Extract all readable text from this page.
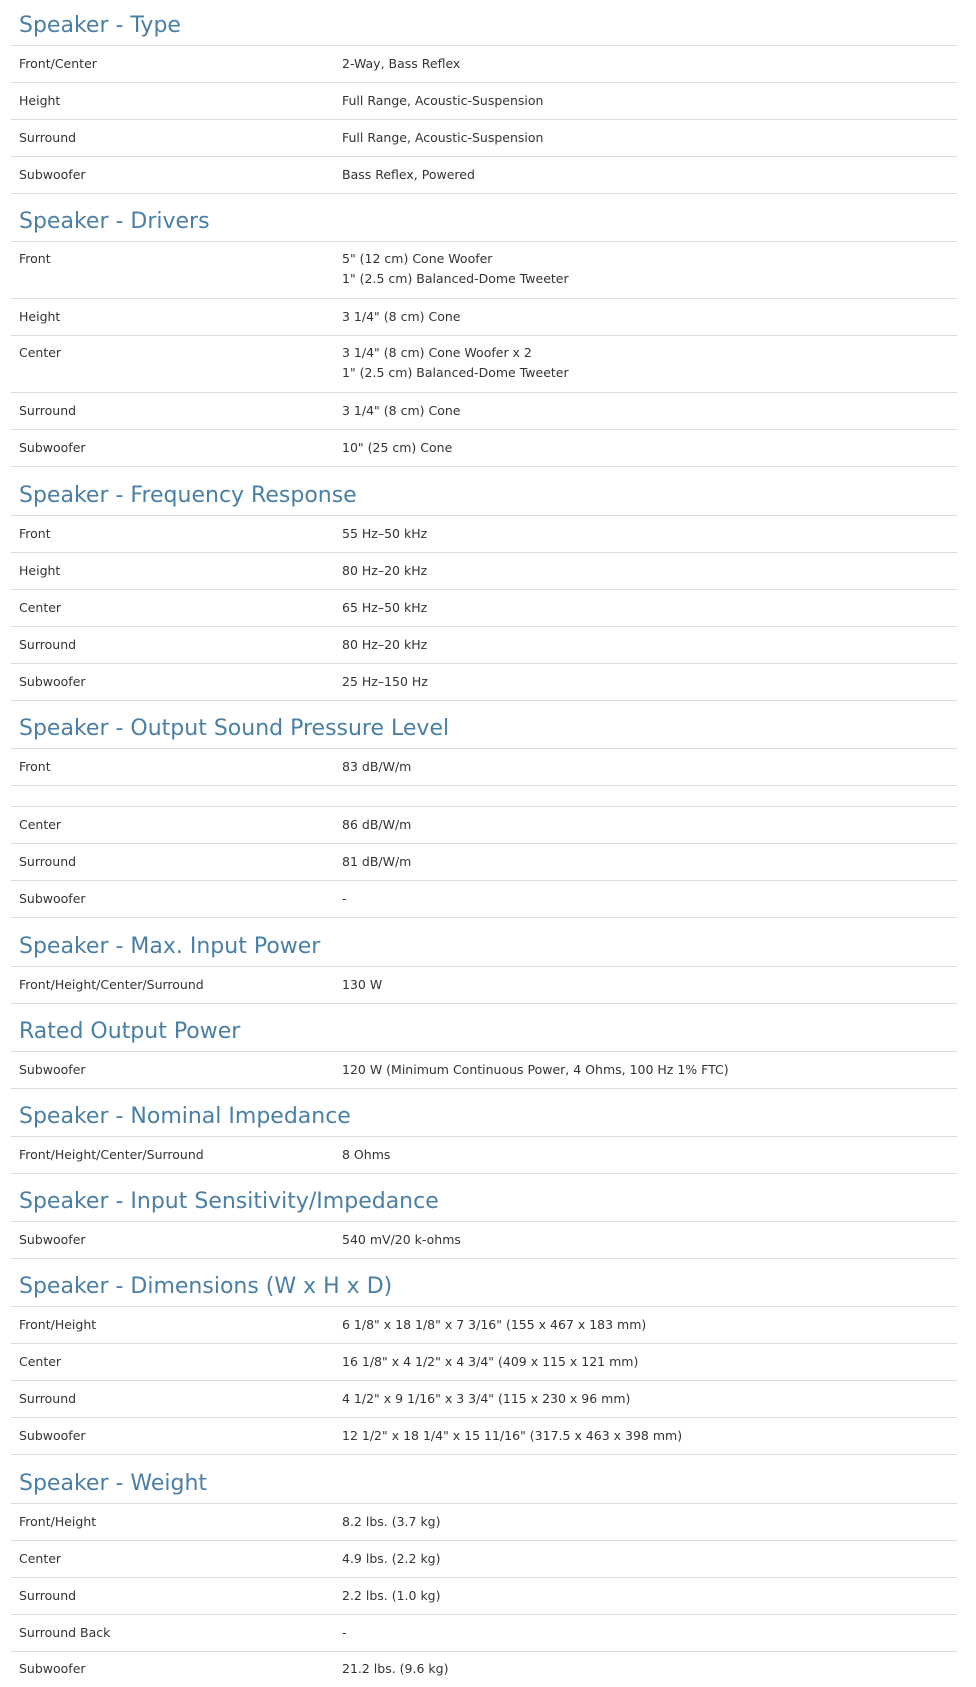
Speaker - Type
Front/Center	2-Way, Bass Reflex
Height	Full Range, Acoustic-Suspension
Surround	Full Range, Acoustic-Suspension
Subwoofer	Bass Reflex, Powered
Speaker - Drivers
Front	5" (12 cm) Cone Woofer
1" (2.5 cm) Balanced-Dome Tweeter
Height	3 1/4" (8 cm) Cone
Center	3 1/4" (8 cm) Cone Woofer x 2
1" (2.5 cm) Balanced-Dome Tweeter
Surround	3 1/4" (8 cm) Cone
Subwoofer	10" (25 cm) Cone
Speaker - Frequency Response
Front	55 Hz–50 kHz
Height	80 Hz–20 kHz
Center	65 Hz–50 kHz
Surround	80 Hz–20 kHz
Subwoofer	25 Hz–150 Hz
Speaker - Output Sound Pressure Level
Front	83 dB/W/m
Center	86 dB/W/m
Surround	81 dB/W/m
Subwoofer	-
Speaker - Max. Input Power
Front/Height/Center/Surround	130 W
Rated Output Power
Subwoofer	120 W (Minimum Continuous Power, 4 Ohms, 100 Hz 1% FTC)
Speaker - Nominal Impedance
Front/Height/Center/Surround	8 Ohms
Speaker - Input Sensitivity/Impedance
Subwoofer	540 mV/20 k-ohms
Speaker - Dimensions (W x H x D)
Front/Height	6 1/8" x 18 1/8" x 7 3/16" (155 x 467 x 183 mm)
Center	16 1/8" x 4 1/2" x 4 3/4" (409 x 115 x 121 mm)
Surround	4 1/2" x 9 1/16" x 3 3/4" (115 x 230 x 96 mm)
Subwoofer	12 1/2" x 18 1/4" x 15 11/16" (317.5 x 463 x 398 mm)
Speaker - Weight
Front/Height	8.2 lbs. (3.7 kg)
Center	4.9 lbs. (2.2 kg)
Surround	2.2 lbs. (1.0 kg)
Surround Back	-
Subwoofer	21.2 lbs. (9.6 kg)
